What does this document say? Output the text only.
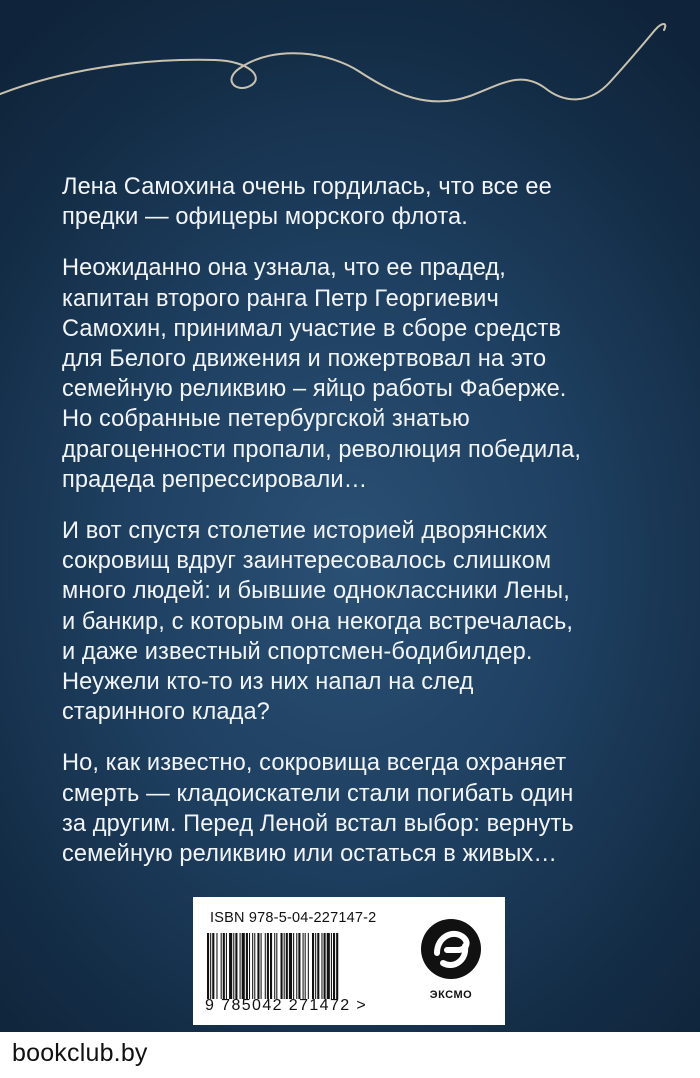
Лена Самохина очень гордилась, что все ее
предки — офицеры морского флота.

Неожиданно она узнала, что ее прадед,
капитан второго ранга Петр Георгиевич
Самохин, принимал участие в сборе средств
для Белого движения и пожертвовал на это
семейную реликвию – яйцо работы Фаберже.
Но собранные петербургской знатью
драгоценности пропали, революция победила,
прадеда репрессировали…

И вот спустя столетие историей дворянских
сокровищ вдруг заинтересовалось слишком
много людей: и бывшие одноклассники Лены,
и банкир, с которым она некогда встречалась,
и даже известный спортсмен-бодибилдер.
Неужели кто-то из них напал на след
старинного клада?

Но, как известно, сокровища всегда охраняет
смерть — кладоискатели стали погибать один
за другим. Перед Леной встал выбор: вернуть
семейную реликвию или остаться в живых…

ISBN 978-5-04-227147-2
9 785042 271472 >
ЭКСМО
bookclub.by
